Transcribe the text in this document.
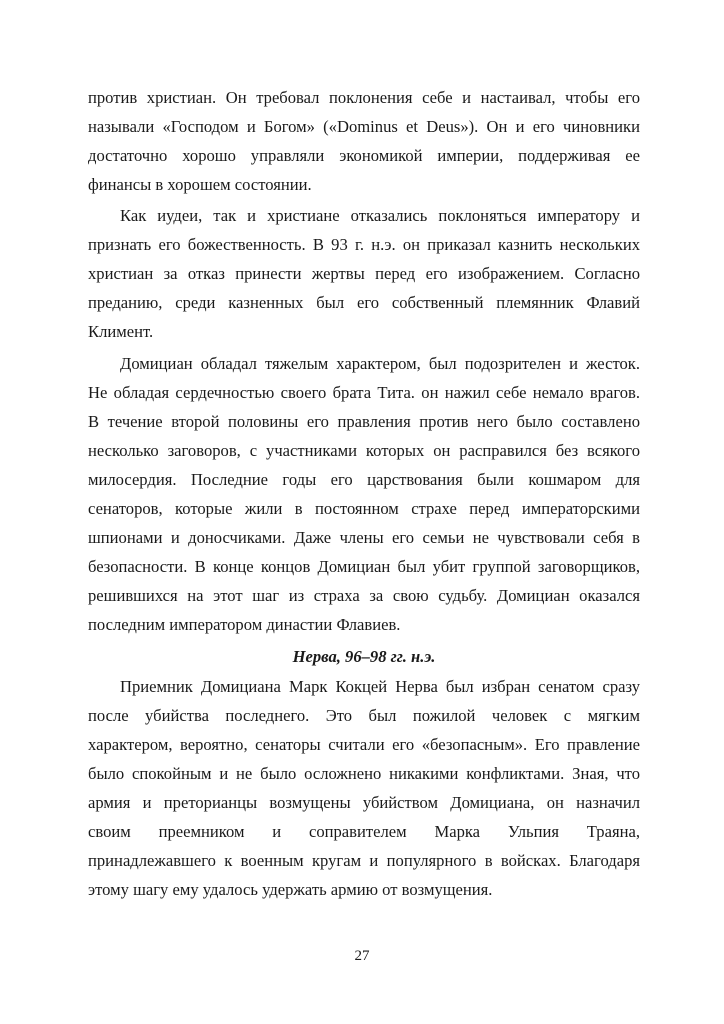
против христиан. Он требовал поклонения себе и настаивал, чтобы его
называли «Господом и Богом» («Dominus et Deus»). Он и его чиновники
достаточно хорошо управляли экономикой империи, поддерживая ее
финансы в хорошем состоянии.
Как иудеи, так и христиане отказались поклоняться императору и
признать его божественность. В 93 г. н.э. он приказал казнить нескольких
христиан за отказ принести жертвы перед его изображением. Согласно
преданию, среди казненных был его собственный племянник Флавий
Климент.
Домициан обладал тяжелым характером, был подозрителен и жесток.
Не обладая сердечностью своего брата Тита. он нажил себе немало врагов.
В течение второй половины его правления против него было составлено
несколько заговоров, с участниками которых он расправился без всякого
милосердия. Последние годы его царствования были кошмаром для
сенаторов, которые жили в постоянном страхе перед императорскими
шпионами и доносчиками. Даже члены его семьи не чувствовали себя в
безопасности. В конце концов Домициан был убит группой заговорщиков,
решившихся на этот шаг из страха за свою судьбу. Домициан оказался
последним императором династии Флавиев.
Нерва, 96–98 гг. н.э.
Приемник Домициана Марк Кокцей Нерва был избран сенатом сразу
после убийства последнего. Это был пожилой человек с мягким
характером, вероятно, сенаторы считали его «безопасным». Его правление
было спокойным и не было осложнено никакими конфликтами. Зная, что
армия и преторианцы возмущены убийством Домициана, он назначил
своим преемником и соправителем Марка Ульпия Траяна,
принадлежавшего к военным кругам и популярного в войсках. Благодаря
этому шагу ему удалось удержать армию от возмущения.
27
